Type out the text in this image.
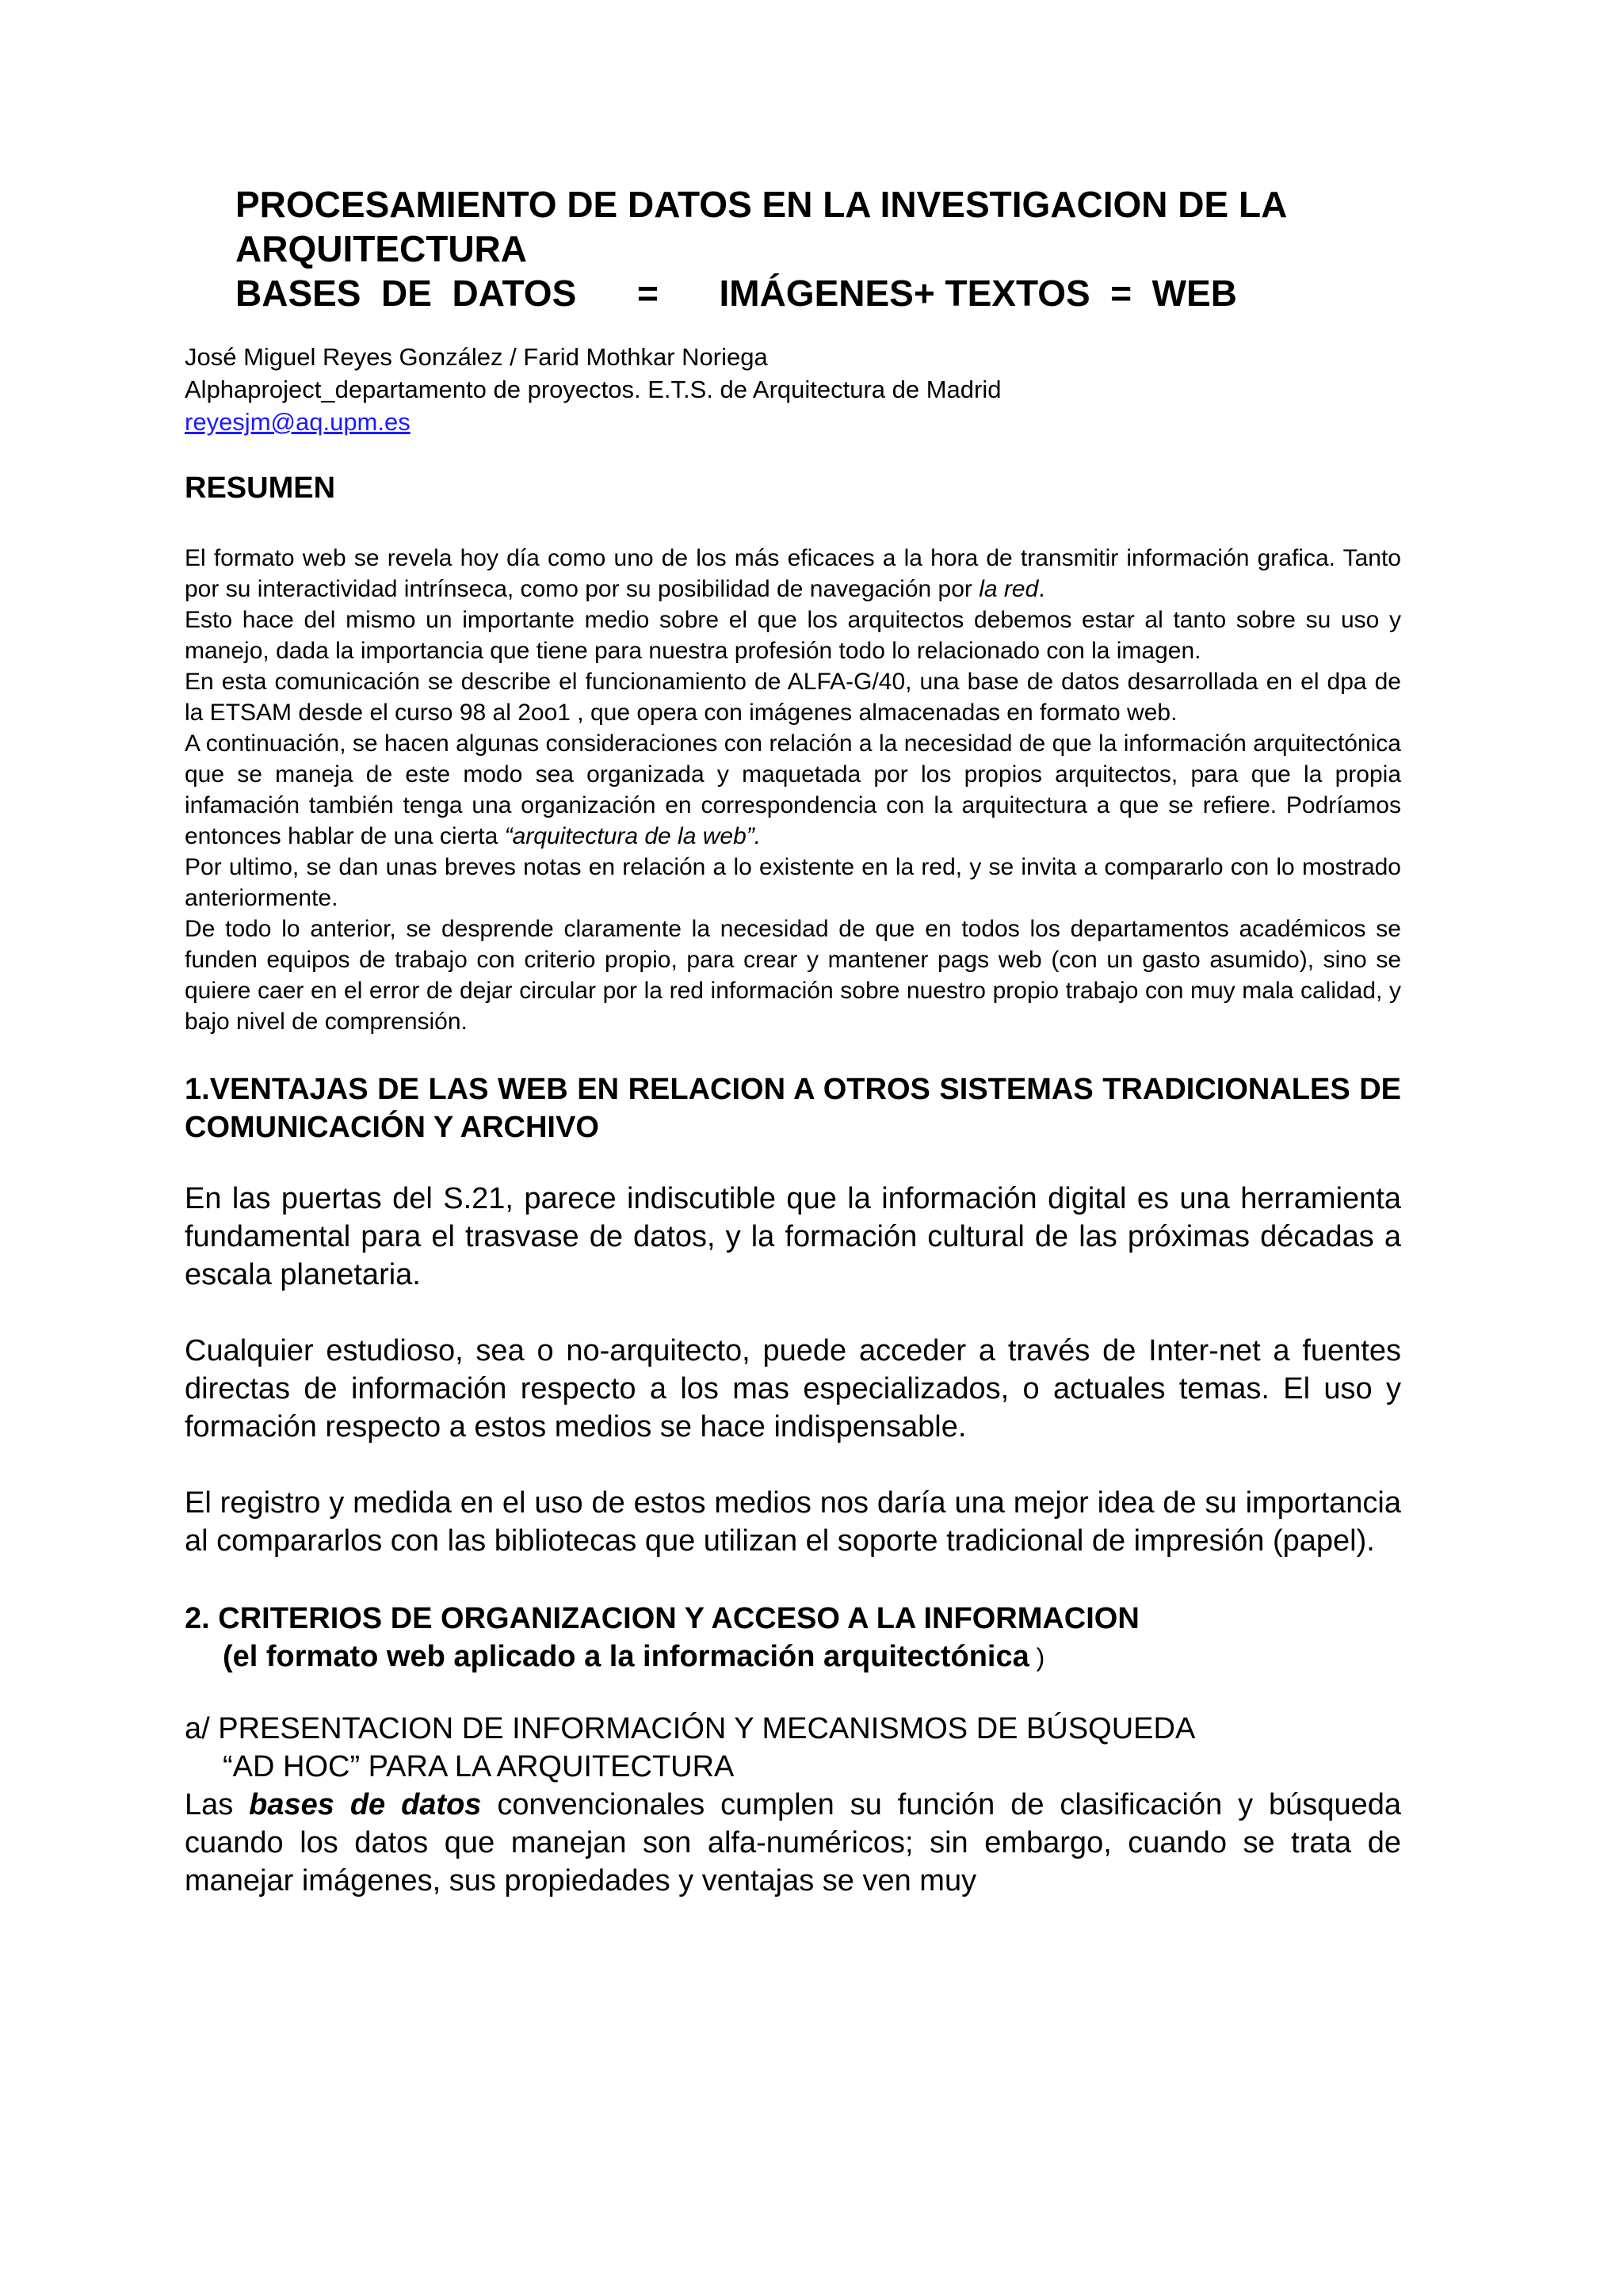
PROCESAMIENTO DE DATOS EN LA INVESTIGACION DE LA
ARQUITECTURA
BASES  DE  DATOS      =      IMÁGENES+ TEXTOS  =  WEB
José Miguel Reyes González / Farid Mothkar Noriega
Alphaproject_departamento de proyectos. E.T.S. de Arquitectura de Madrid
reyesjm@aq.upm.es
RESUMEN

El formato web se revela hoy día como uno de los más eficaces a la hora de transmitir información grafica. Tanto por su interactividad intrínseca, como por su posibilidad de navegación por la red.

Esto hace del mismo un importante medio sobre el que los arquitectos debemos estar al tanto sobre su uso y manejo, dada la importancia que tiene para nuestra profesión todo lo relacionado con la imagen.

En esta comunicación se describe el funcionamiento de ALFA-G/40, una base de datos desarrollada en el dpa de la ETSAM desde el curso 98 al 2oo1 , que opera con imágenes almacenadas en formato web.

A continuación, se hacen algunas consideraciones con relación a la necesidad de que la información arquitectónica que se maneja de este modo sea organizada y maquetada por los propios arquitectos, para que la propia infamación también tenga una organización en correspondencia con la arquitectura a que se refiere. Podríamos entonces hablar de una cierta “arquitectura de la web”.

Por ultimo, se dan unas breves notas en relación a lo existente en la red, y se invita a compararlo con lo mostrado anteriormente.

De todo lo anterior, se desprende claramente la necesidad de que en todos los departamentos académicos se funden equipos de trabajo con criterio propio, para crear y mantener pags web (con un gasto asumido), sino se quiere caer en el error de dejar circular por la red información sobre nuestro propio trabajo con muy mala calidad, y bajo nivel de comprensión.

1.VENTAJAS DE LAS WEB EN RELACION A OTROS SISTEMAS TRADICIONALES DE COMUNICACIÓN Y ARCHIVO

En las puertas del S.21, parece indiscutible que la información digital es una herramienta fundamental para el trasvase de datos, y la formación cultural de las próximas décadas a escala planetaria.

Cualquier estudioso, sea o no-arquitecto, puede acceder a través de Inter-net a fuentes directas de información respecto a los mas especializados, o actuales temas. El uso y formación respecto a estos medios se hace indispensable.

El registro y medida en el uso de estos medios nos daría una mejor idea de su importancia al compararlos con las bibliotecas que utilizan el soporte tradicional de impresión (papel).

2. CRITERIOS DE ORGANIZACION Y ACCESO A LA INFORMACION
(el formato web aplicado a la información arquitectónica )
a/ PRESENTACION DE INFORMACIÓN Y MECANISMOS DE BÚSQUEDA
“AD HOC” PARA LA ARQUITECTURA

Las bases de datos convencionales cumplen su función de clasificación y búsqueda cuando los datos que manejan son alfa-numéricos; sin embargo, cuando se trata de manejar imágenes, sus propiedades y ventajas se ven muy
